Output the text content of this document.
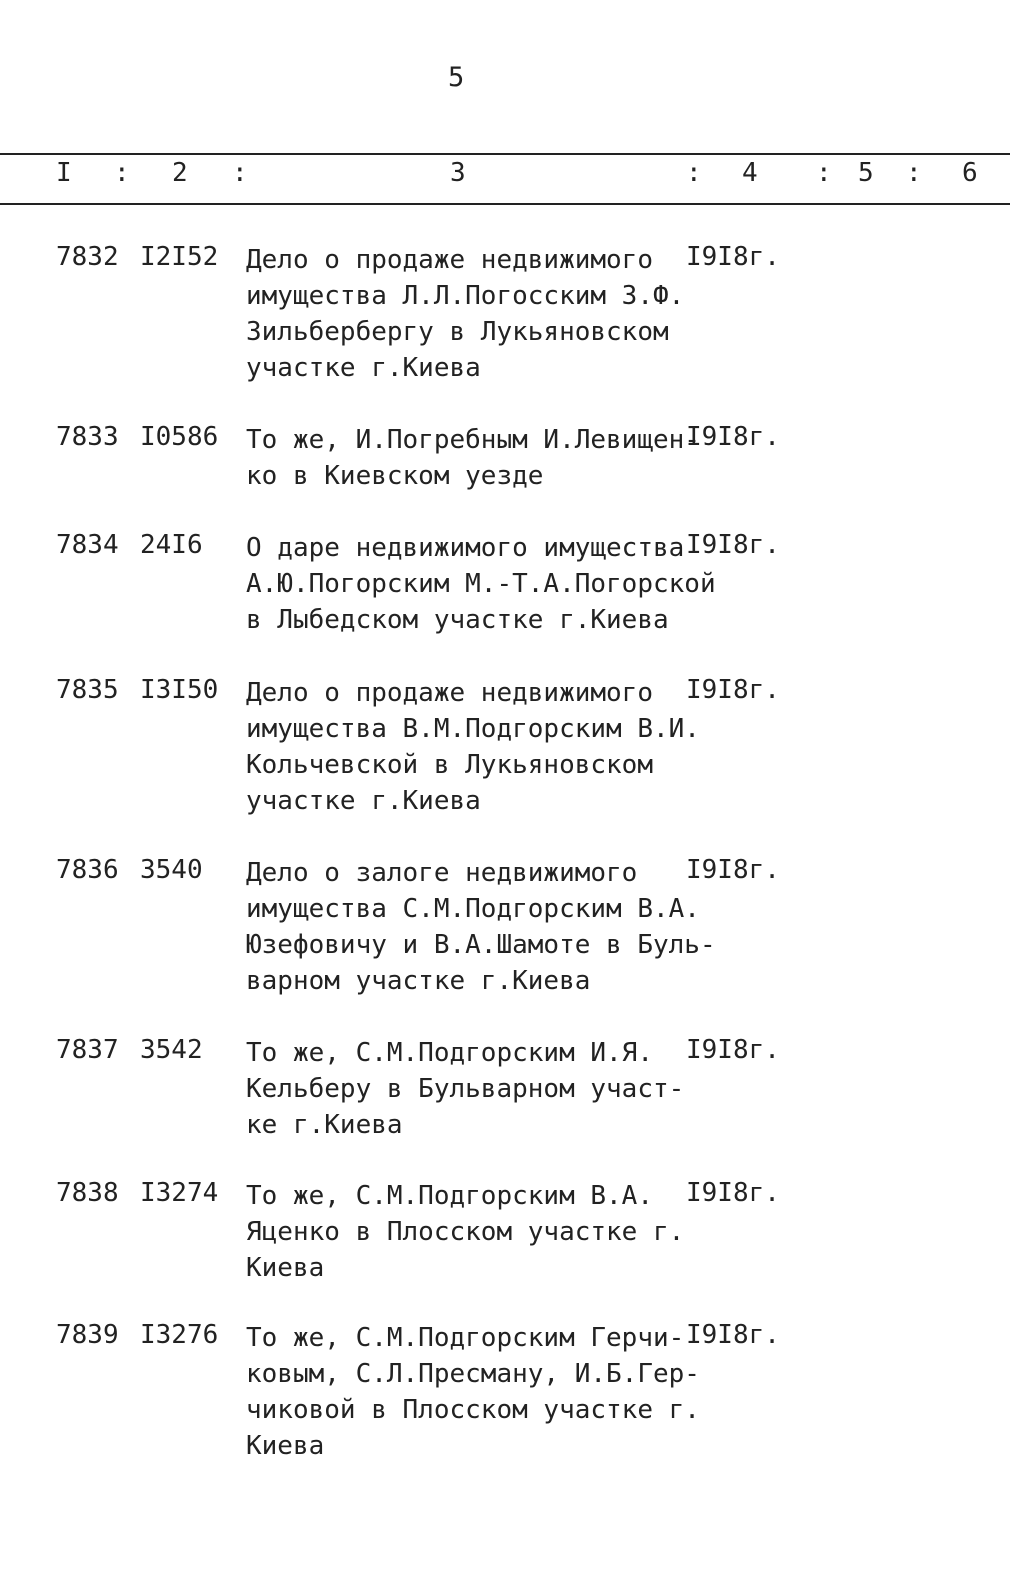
5
I : 2 :	3	: 4 : 5 : 6
7832 I2I52 Дело о продаже недвижимого
имущества Л.Л.Погосским З.Ф.
Зильбербергу в Лукьяновском
участке г.Киева
I9I8г.
7833 I0586 То же, И.Погребным И.Левищен-
ко в Киевском уезде
I9I8г.
7834 24I6 О даре недвижимого имущества
А.Ю.Погорским М.-Т.А.Погорской
в Лыбедском участке г.Киева
I9I8г.
7835 I3I50 Дело о продаже недвижимого
имущества В.М.Подгорским В.И.
Кольчевской в Лукьяновском
участке г.Киева
I9I8г.
7836 3540 Дело о залоге недвижимого
имущества С.М.Подгорским В.А.
Юзефовичу и В.А.Шамоте в Буль-
варном участке г.Киева
I9I8г.
7837 3542 То же, С.М.Подгорским И.Я.
Кельберу в Бульварном участ-
ке г.Киева
I9I8г.
7838 I3274 То же, С.М.Подгорским В.А.
Яценко в Плосском участке г.
Киева
I9I8г.
7839 I3276 То же, С.М.Подгорским Герчи-
ковым, С.Л.Пресману, И.Б.Гер-
чиковой в Плосском участке г.
Киева
I9I8г.
